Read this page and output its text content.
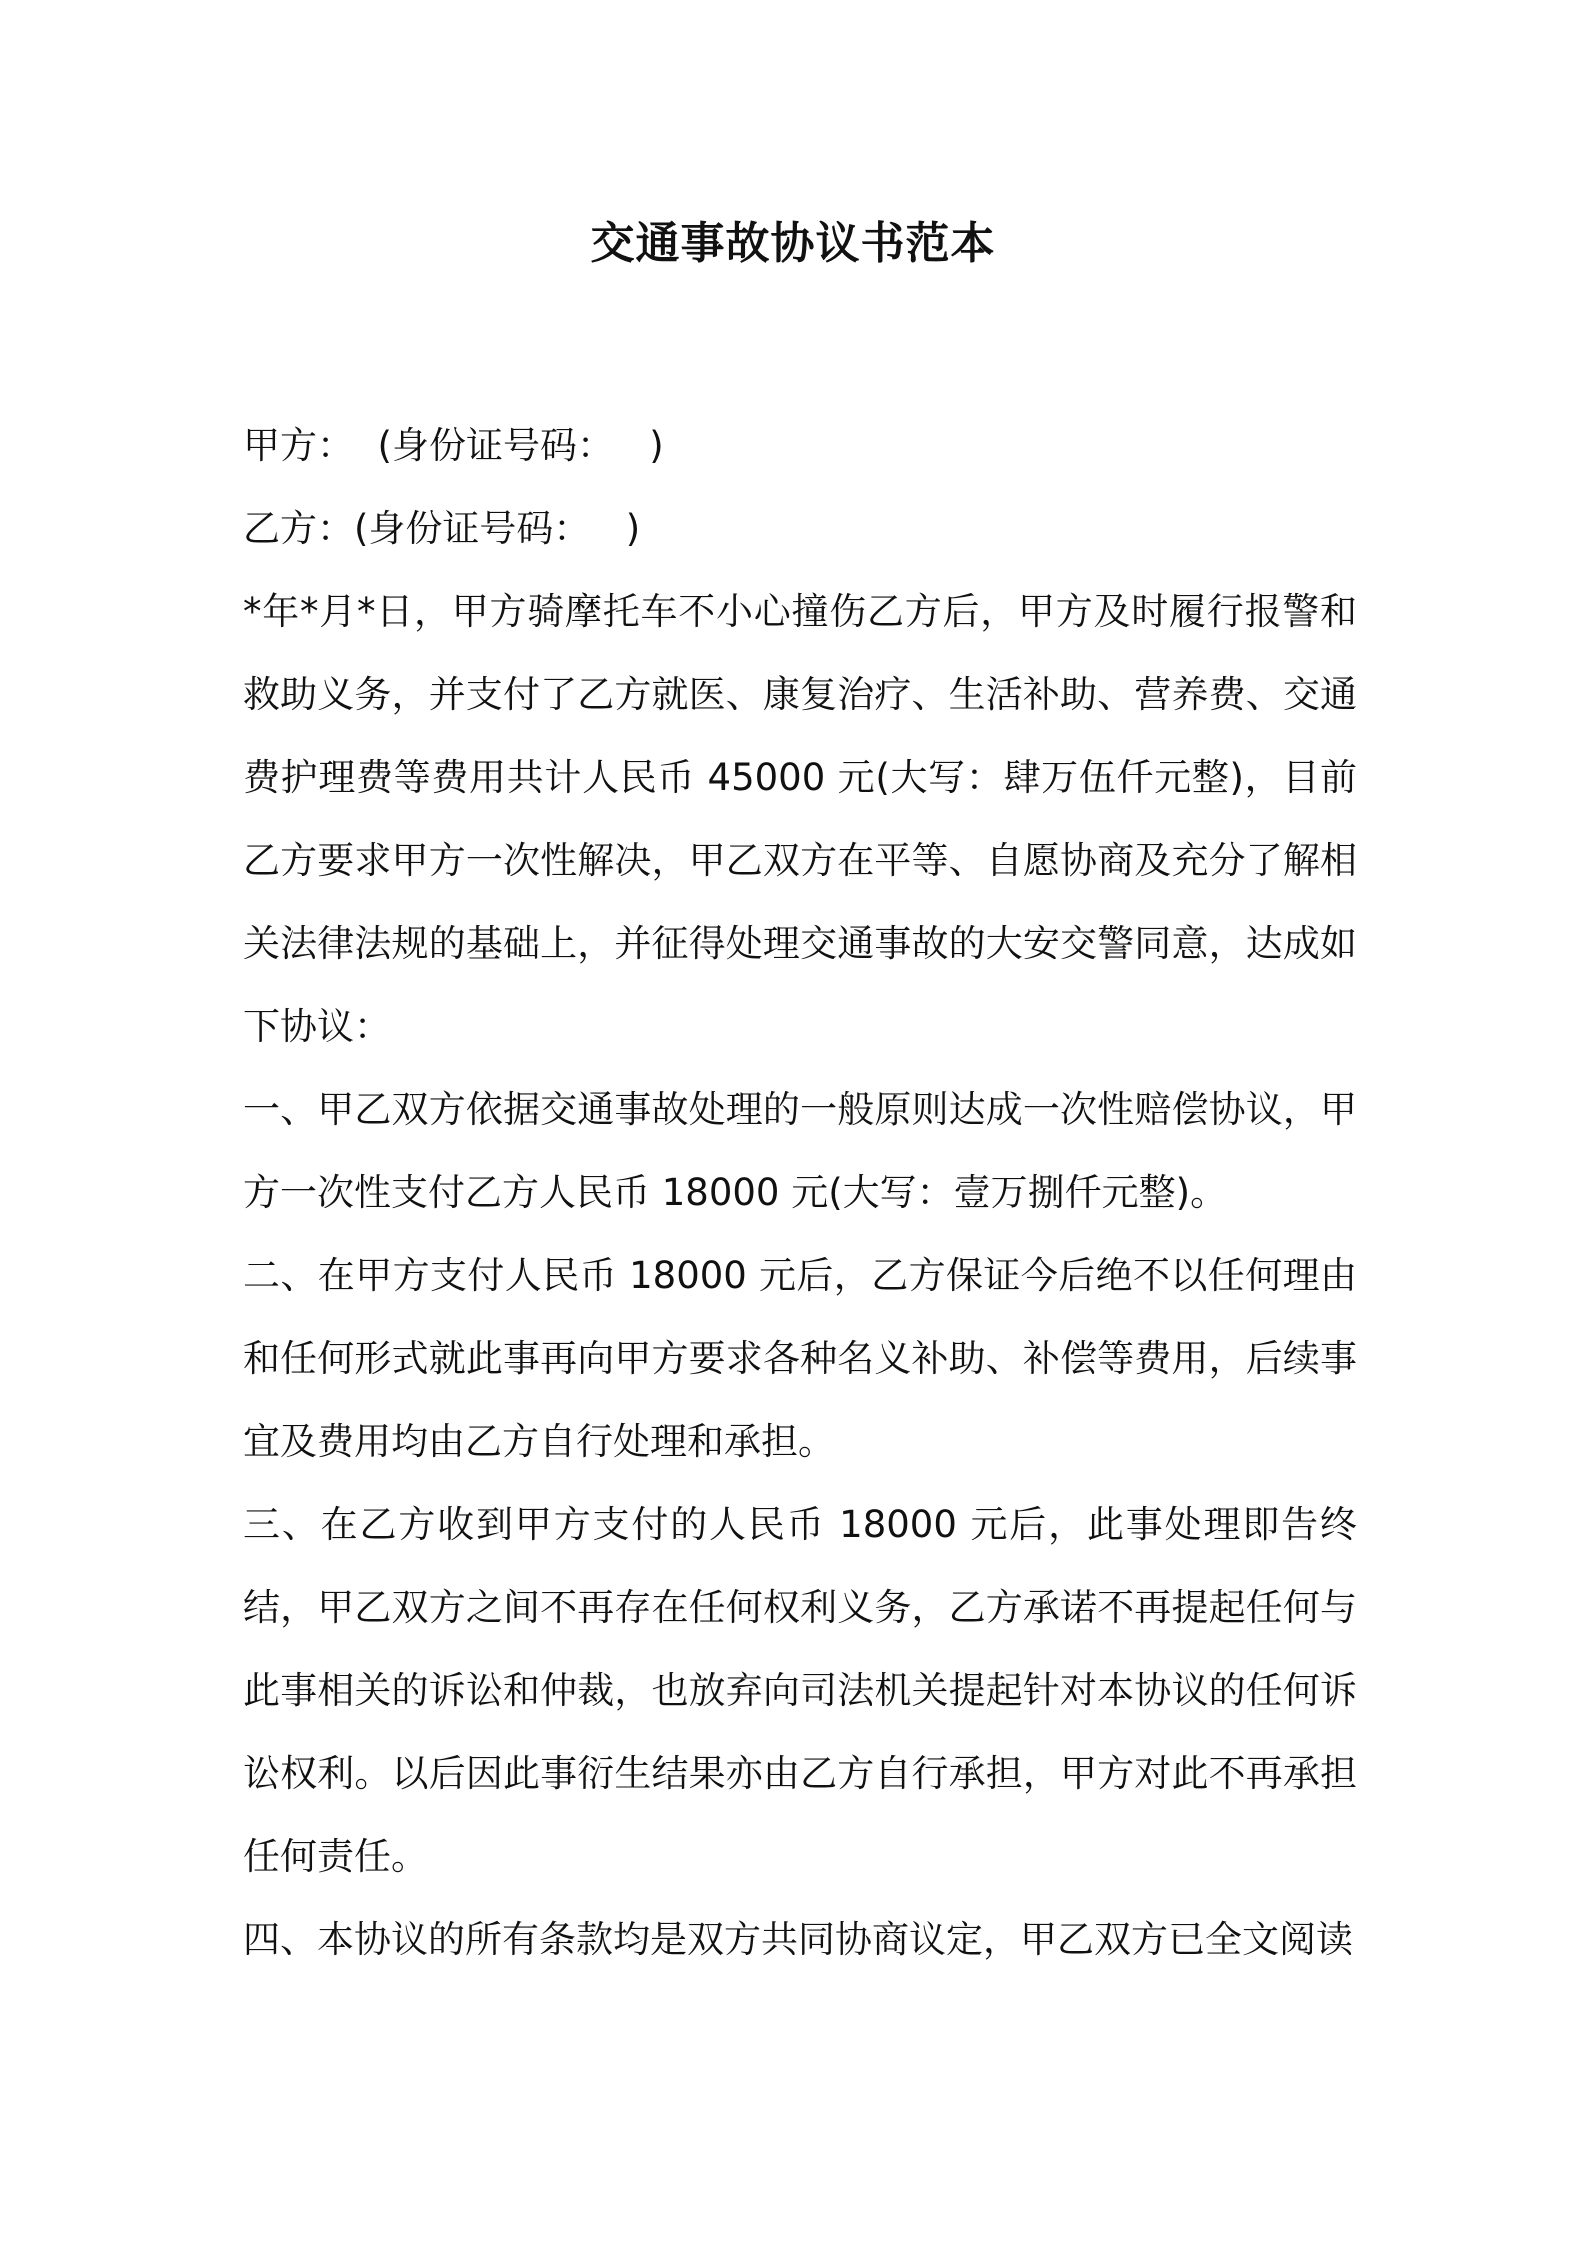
交通事故协议书范本

甲方：  (身份证号码：   )

乙方：(身份证号码：   )

*年*月*日，甲方骑摩托车不小心撞伤乙方后，甲方及时履行报警和救助义务，并支付了乙方就医、康复治疗、生活补助、营养费、交通费护理费等费用共计人民币 45000 元(大写：肆万伍仟元整)，目前乙方要求甲方一次性解决，甲乙双方在平等、自愿协商及充分了解相关法律法规的基础上，并征得处理交通事故的大安交警同意，达成如下协议：

一、甲乙双方依据交通事故处理的一般原则达成一次性赔偿协议，甲方一次性支付乙方人民币 18000 元(大写：壹万捌仟元整)。

二、在甲方支付人民币 18000 元后，乙方保证今后绝不以任何理由和任何形式就此事再向甲方要求各种名义补助、补偿等费用，后续事宜及费用均由乙方自行处理和承担。

三、在乙方收到甲方支付的人民币 18000 元后，此事处理即告终结，甲乙双方之间不再存在任何权利义务，乙方承诺不再提起任何与此事相关的诉讼和仲裁，也放弃向司法机关提起针对本协议的任何诉讼权利。以后因此事衍生结果亦由乙方自行承担，甲方对此不再承担任何责任。

四、本协议的所有条款均是双方共同协商议定，甲乙双方已全文阅读
